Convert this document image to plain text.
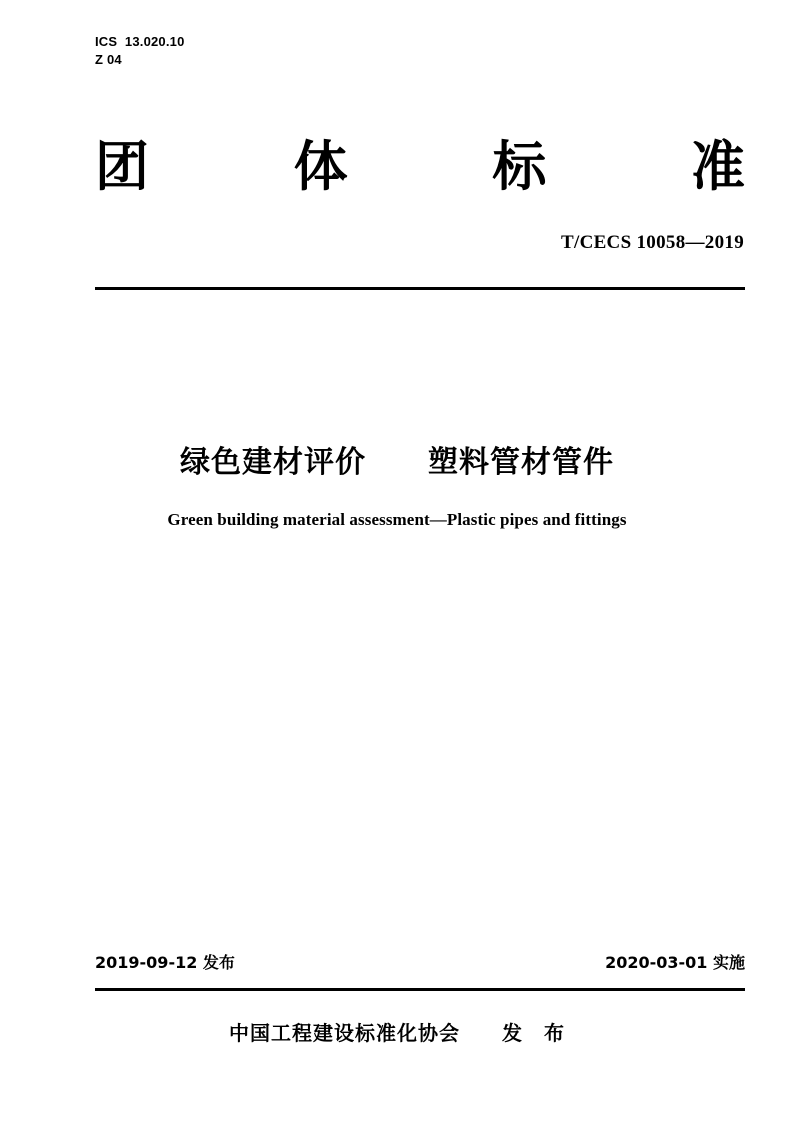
ICS  13.020.10
Z 04
团	体	标	准
T/CECS 10058—2019
绿色建材评价　　塑料管材管件
Green building material assessment—Plastic pipes and fittings
2019-09-12 发布	2020-03-01 实施
中国工程建设标准化协会　　发　布
